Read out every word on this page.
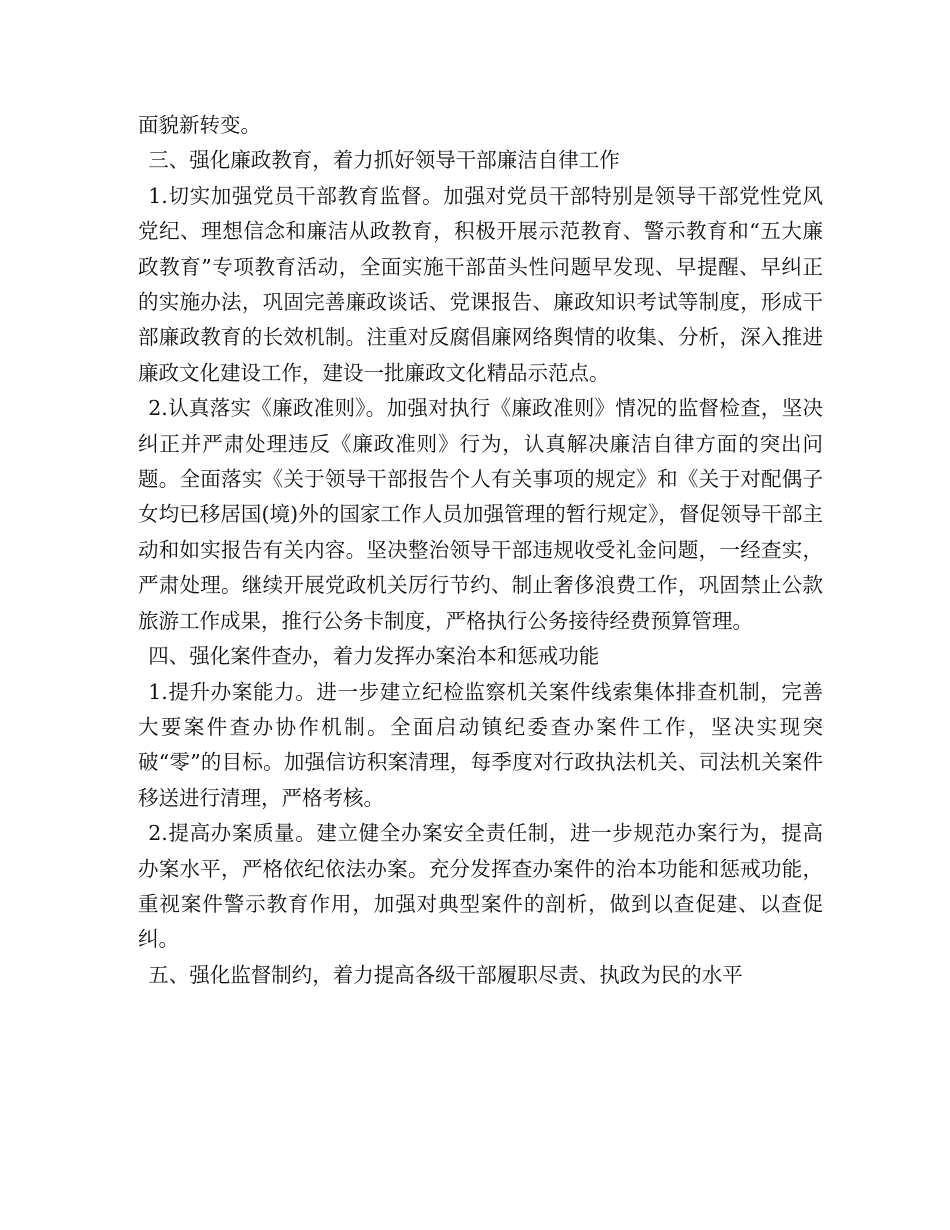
面貌新转变。

三、强化廉政教育，着力抓好领导干部廉洁自律工作

1.切实加强党员干部教育监督。加强对党员干部特别是领导干部党性党风党纪、理想信念和廉洁从政教育，积极开展示范教育、警示教育和“五大廉政教育”专项教育活动，全面实施干部苗头性问题早发现、早提醒、早纠正的实施办法，巩固完善廉政谈话、党课报告、廉政知识考试等制度，形成干部廉政教育的长效机制。注重对反腐倡廉网络舆情的收集、分析，深入推进廉政文化建设工作，建设一批廉政文化精品示范点。

2.认真落实《廉政准则》。加强对执行《廉政准则》情况的监督检查，坚决纠正并严肃处理违反《廉政准则》行为，认真解决廉洁自律方面的突出问题。全面落实《关于领导干部报告个人有关事项的规定》和《关于对配偶子女均已移居国(境)外的国家工作人员加强管理的暂行规定》，督促领导干部主动和如实报告有关内容。坚决整治领导干部违规收受礼金问题，一经查实，严肃处理。继续开展党政机关厉行节约、制止奢侈浪费工作，巩固禁止公款旅游工作成果，推行公务卡制度，严格执行公务接待经费预算管理。

四、强化案件查办，着力发挥办案治本和惩戒功能

1.提升办案能力。进一步建立纪检监察机关案件线索集体排查机制，完善大要案件查办协作机制。全面启动镇纪委查办案件工作，坚决实现突破“零”的目标。加强信访积案清理，每季度对行政执法机关、司法机关案件移送进行清理，严格考核。

2.提高办案质量。建立健全办案安全责任制，进一步规范办案行为，提高办案水平，严格依纪依法办案。充分发挥查办案件的治本功能和惩戒功能，重视案件警示教育作用，加强对典型案件的剖析，做到以查促建、以查促纠。

五、强化监督制约，着力提高各级干部履职尽责、执政为民的水平
